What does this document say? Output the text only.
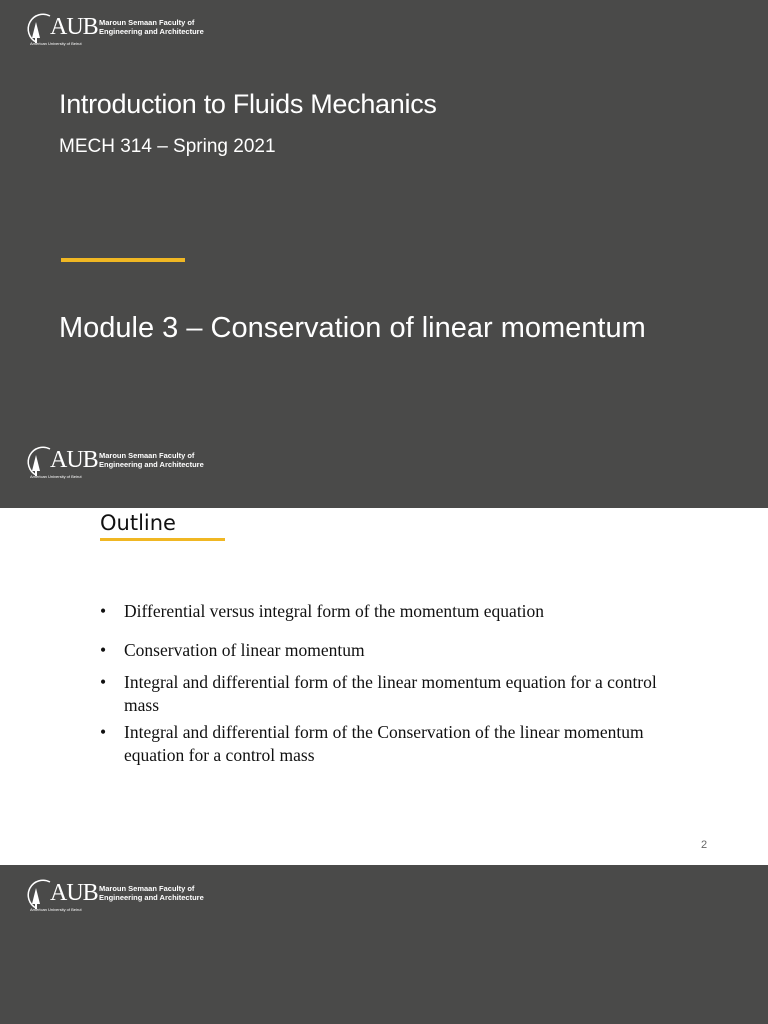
AUB
American University of Beirut
Maroun Semaan Faculty of
Engineering and Architecture
Introduction to Fluids Mechanics
MECH 314 – Spring 2021
Module 3 – Conservation of linear momentum
AUB
American University of Beirut
Maroun Semaan Faculty of
Engineering and Architecture
Outline
• Differential versus integral form of the momentum equation
• Conservation of linear momentum
• Integral and differential form of the linear momentum equation for a control mass
• Integral and differential form of the Conservation of the linear momentum equation for a control mass
2
AUB
American University of Beirut
Maroun Semaan Faculty of
Engineering and Architecture
